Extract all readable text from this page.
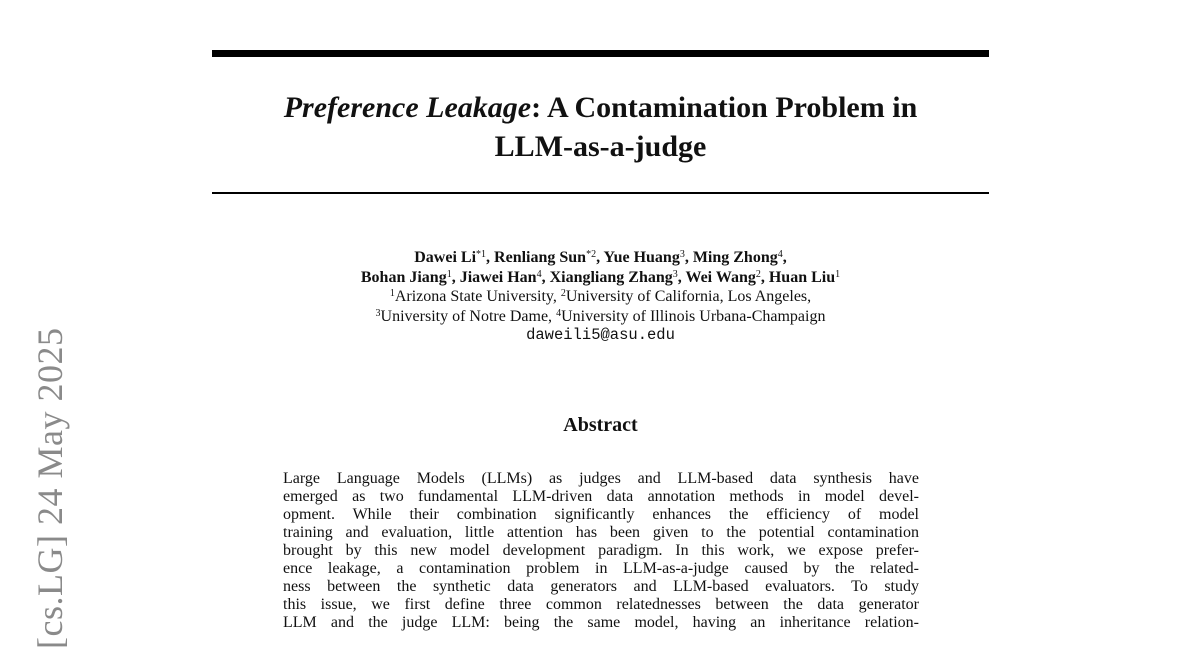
[cs.LG] 24 May 2025
Preference Leakage: A Contamination Problem in
LLM-as-a-judge
Dawei Li$^{*1}$, Renliang Sun$^{*2}$, Yue Huang$^3$, Ming Zhong$^4$,
Bohan Jiang$^1$, Jiawei Han$^4$, Xiangliang Zhang$^3$, Wei Wang$^2$, Huan Liu$^1$
$^1$Arizona State University, $^2$University of California, Los Angeles,
$^3$University of Notre Dame, $^4$University of Illinois Urbana-Champaign
daweili5@asu.edu
Abstract
Large Language Models (LLMs) as judges and LLM-based data synthesis have
emerged as two fundamental LLM-driven data annotation methods in model devel-
opment. While their combination significantly enhances the efficiency of model
training and evaluation, little attention has been given to the potential contamination
brought by this new model development paradigm. In this work, we expose prefer-
ence leakage, a contamination problem in LLM-as-a-judge caused by the related-
ness between the synthetic data generators and LLM-based evaluators. To study
this issue, we first define three common relatednesses between the data generator
LLM and the judge LLM: being the same model, having an inheritance relation-
